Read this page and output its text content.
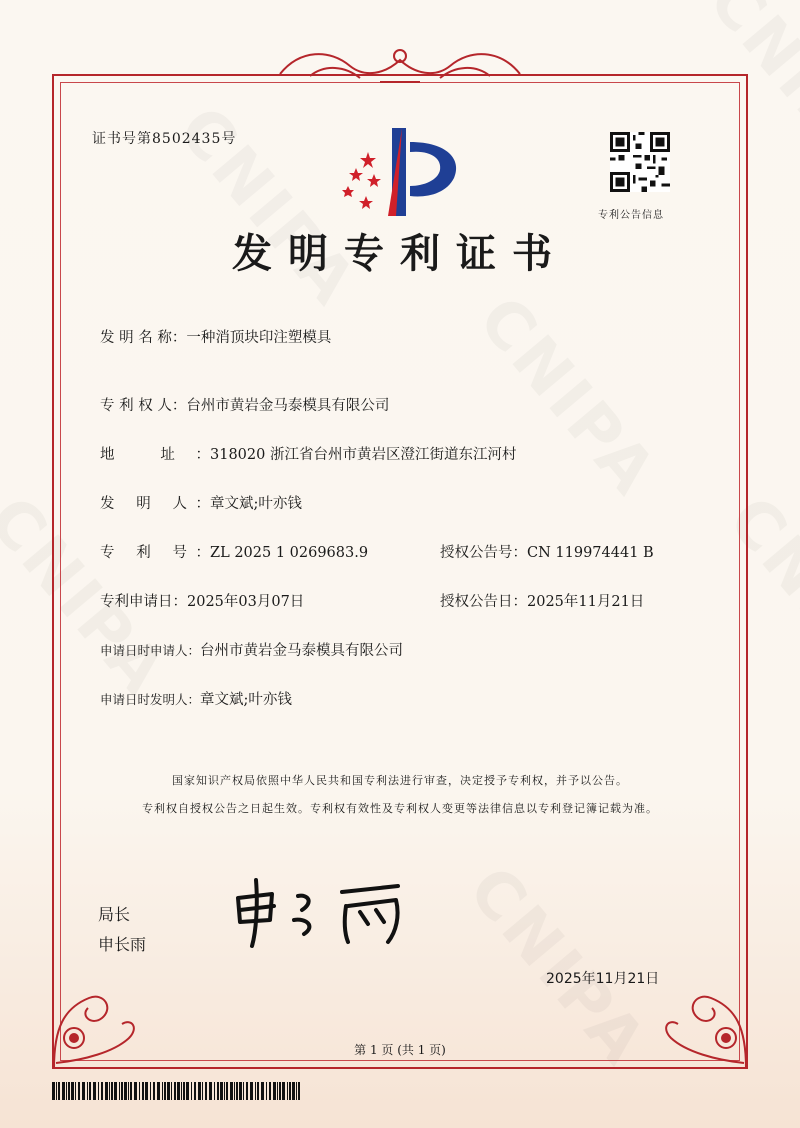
证书号第8502435号
专利公告信息
发明专利证书
发 明 名 称：一种消顶块印注塑模具
专 利 权 人：台州市黄岩金马泰模具有限公司
地 址：318020 浙江省台州市黄岩区澄江街道东江河村
发 明 人：章文斌;叶亦钱
专 利 号：ZL 2025 1 0269683.9	授权公告号：CN 119974441 B
专利申请日：2025年03月07日	授权公告日：2025年11月21日
申请日时申请人：台州市黄岩金马泰模具有限公司
申请日时发明人：章文斌;叶亦钱
国家知识产权局依照中华人民共和国专利法进行审查，决定授予专利权，并予以公告。
专利权自授权公告之日起生效。专利权有效性及专利权人变更等法律信息以专利登记簿记载为准。
局长
申长雨
2025年11月21日
第 1 页 (共 1 页)
